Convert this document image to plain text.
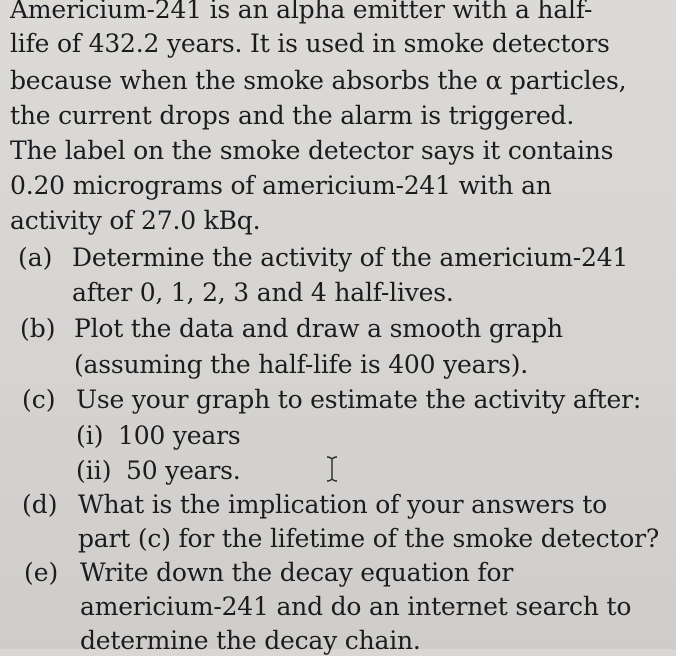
Americium-241 is an alpha emitter with a half-
life of 432.2 years. It is used in smoke detectors
because when the smoke absorbs the α particles,
the current drops and the alarm is triggered.
The label on the smoke detector says it contains
0.20 micrograms of americium-241 with an
activity of 27.0 kBq.
(a) Determine the activity of the americium-241
after 0, 1, 2, 3 and 4 half-lives.
(b) Plot the data and draw a smooth graph
(assuming the half-life is 400 years).
(c) Use your graph to estimate the activity after:
(i) 100 years
(ii) 50 years.
(d) What is the implication of your answers to
part (c) for the lifetime of the smoke detector?
(e) Write down the decay equation for
americium-241 and do an internet search to
determine the decay chain.
